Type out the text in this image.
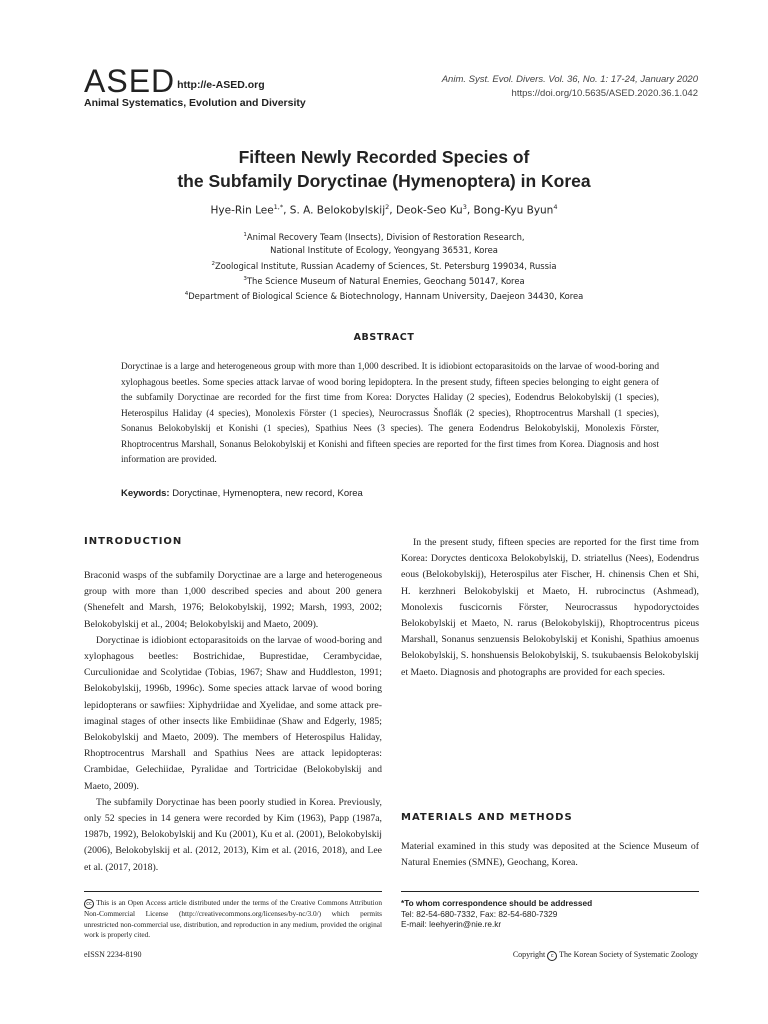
ASED http://e-ASED.org
Animal Systematics, Evolution and Diversity
Anim. Syst. Evol. Divers. Vol. 36, No. 1: 17-24, January 2020
https://doi.org/10.5635/ASED.2020.36.1.042
Fifteen Newly Recorded Species of
the Subfamily Doryctinae (Hymenoptera) in Korea
Hye-Rin Lee$^{1,*}$, S. A. Belokobylskij$^2$, Deok-Seo Ku$^3$, Bong-Kyu Byun$^4$
$^1$Animal Recovery Team (Insects), Division of Restoration Research,
National Institute of Ecology, Yeongyang 36531, Korea
$^2$Zoological Institute, Russian Academy of Sciences, St. Petersburg 199034, Russia
$^3$The Science Museum of Natural Enemies, Geochang 50147, Korea
$^4$Department of Biological Science & Biotechnology, Hannam University, Daejeon 34430, Korea
ABSTRACT
Doryctinae is a large and heterogeneous group with more than 1,000 described. It is idiobiont ectoparasitoids on the larvae of wood-boring and xylophagous beetles. Some species attack larvae of wood boring lepidoptera. In the present study, fifteen species belonging to eight genera of the subfamily Doryctinae are recorded for the first time from Korea: Doryctes Haliday (2 species), Eodendrus Belokobylskij (1 species), Heterospilus Haliday (4 species), Monolexis Förster (1 species), Neurocrassus Šnoflák (2 species), Rhoptrocentrus Marshall (1 species), Sonanus Belokobylskij et Konishi (1 species), Spathius Nees (3 species). The genera Eodendrus Belokobylskij, Monolexis Förster, Rhoptrocentrus Marshall, Sonanus Belokobylskij et Konishi and fifteen species are reported for the first times from Korea. Diagnosis and host information are provided.
Keywords: Doryctinae, Hymenoptera, new record, Korea
INTRODUCTION

Braconid wasps of the subfamily Doryctinae are a large and heterogeneous group with more than 1,000 described species and about 200 genera (Shenefelt and Marsh, 1976; Belokobylskij, 1992; Marsh, 1993, 2002; Belokobylskij et al., 2004; Belokobylskij and Maeto, 2009).

Doryctinae is idiobiont ectoparasitoids on the larvae of wood-boring and xylophagous beetles: Bostrichidae, Buprestidae, Cerambycidae, Curculionidae and Scolytidae (Tobias, 1967; Shaw and Huddleston, 1991; Belokobylskij, 1996b, 1996c). Some species attack larvae of wood boring lepidopterans or sawfiies: Xiphydriidae and Xyelidae, and some attack pre-imaginal stages of other insects like Embiidinae (Shaw and Edgerly, 1985; Belokobylskij and Maeto, 2009). The members of Heterospilus Haliday, Rhoptrocentrus Marshall and Spathius Nees are attack lepidopteras: Crambidae, Gelechiidae, Pyralidae and Tortricidae (Belokobylskij and Maeto, 2009).

The subfamily Doryctinae has been poorly studied in Korea. Previously, only 52 species in 14 genera were recorded by Kim (1963), Papp (1987a, 1987b, 1992), Belokobylskij and Ku (2001), Ku et al. (2001), Belokobylskij (2006), Belokobylskij et al. (2012, 2013), Kim et al. (2016, 2018), and Lee et al. (2017, 2018).

In the present study, fifteen species are reported for the first time from Korea: Doryctes denticoxa Belokobylskij, D. striatellus (Nees), Eodendrus eous (Belokobylskij), Heterospilus ater Fischer, H. chinensis Chen et Shi, H. kerzhneri Belokobylskij et Maeto, H. rubrocinctus (Ashmead), Monolexis fuscicornis Förster, Neurocrassus hypodoryctoides Belokobylskij et Maeto, N. rarus (Belokobylskij), Rhoptrocentrus piceus Marshall, Sonanus senzuensis Belokobylskij et Konishi, Spathius amoenus Belokobylskij, S. honshuensis Belokobylskij, S. tsukubaensis Belokobylskij et Maeto. Diagnosis and photographs are provided for each species.

MATERIALS AND METHODS

Material examined in this study was deposited at the Science Museum of Natural Enemies (SMNE), Geochang, Korea.

cc This is an Open Access article distributed under the terms of the Creative Commons Attribution Non-Commercial License (http://creativecommons.org/licenses/by-nc/3.0/) which permits unrestricted non-commercial use, distribution, and reproduction in any medium, provided the original work is properly cited.
*To whom correspondence should be addressed
Tel: 82-54-680-7332, Fax: 82-54-680-7329
E-mail: leehyerin@nie.re.kr
eISSN 2234-8190	Copyright c The Korean Society of Systematic Zoology
